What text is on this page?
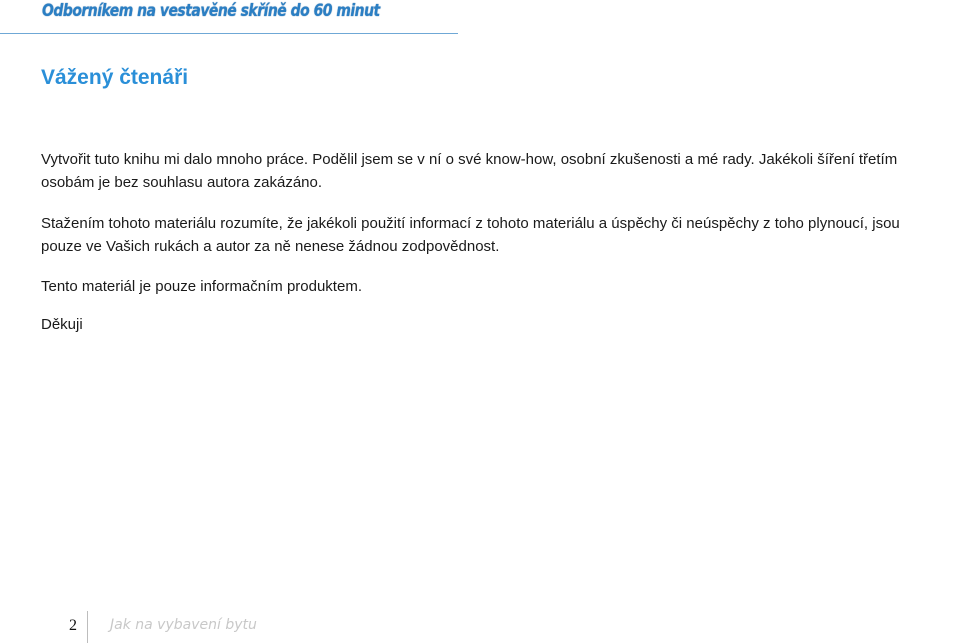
Odborníkem na vestavěné skříně do 60 minut
Vážený čtenáři

Vytvořit tuto knihu mi dalo mnoho práce. Podělil jsem se v ní o své know-how, osobní zkušenosti a mé rady. Jakékoli šíření třetím osobám je bez souhlasu autora zakázáno.

Stažením tohoto materiálu rozumíte, že jakékoli použití informací z tohoto materiálu a úspěchy či neúspěchy z toho plynoucí, jsou pouze ve Vašich rukách a autor za ně nenese žádnou zodpovědnost.

Tento materiál je pouze informačním produktem.

Děkuji

2 Jak na vybavení bytu
